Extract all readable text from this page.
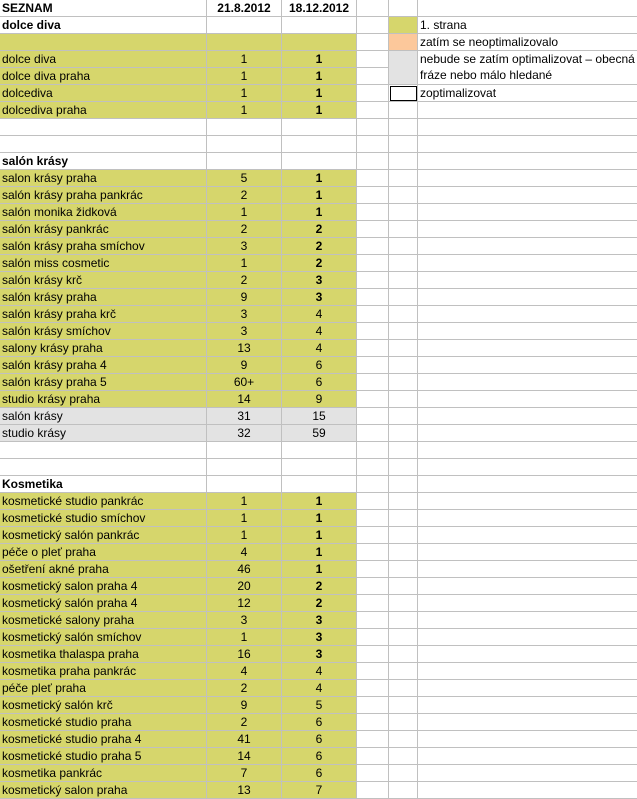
SEZNAM	21.8.2012	18.12.2012
dolce diva	1. strana
zatím se neoptimalizovalo
dolce diva	1	1	nebude se zatím optimalizovat – obecná fráze nebo málo hledané
dolce diva praha	1	1
dolcediva	1	1	zoptimalizovat
dolcediva praha	1	1
salón krásy
salon krásy praha	5	1
salón krásy praha pankrác	2	1
salón monika židková	1	1
salón krásy pankrác	2	2
salón krásy praha smíchov	3	2
salón miss cosmetic	1	2
salón krásy krč	2	3
salón krásy praha	9	3
salón krásy praha krč	3	4
salón krásy smíchov	3	4
salony krásy praha	13	4
salón krásy praha 4	9	6
salón krásy praha 5	60+	6
studio krásy praha	14	9
salón krásy	31	15
studio krásy	32	59
Kosmetika
kosmetické studio pankrác	1	1
kosmetické studio smíchov	1	1
kosmetický salón pankrác	1	1
péče o pleť praha	4	1
ošetření akné praha	46	1
kosmetický salon praha 4	20	2
kosmetický salón praha 4	12	2
kosmetické salony praha	3	3
kosmetický salón smíchov	1	3
kosmetika thalaspa praha	16	3
kosmetika praha pankrác	4	4
péče pleť praha	2	4
kosmetický salón krč	9	5
kosmetické studio praha	2	6
kosmetické studio praha 4	41	6
kosmetické studio praha 5	14	6
kosmetika pankrác	7	6
kosmetický salon praha	13	7
